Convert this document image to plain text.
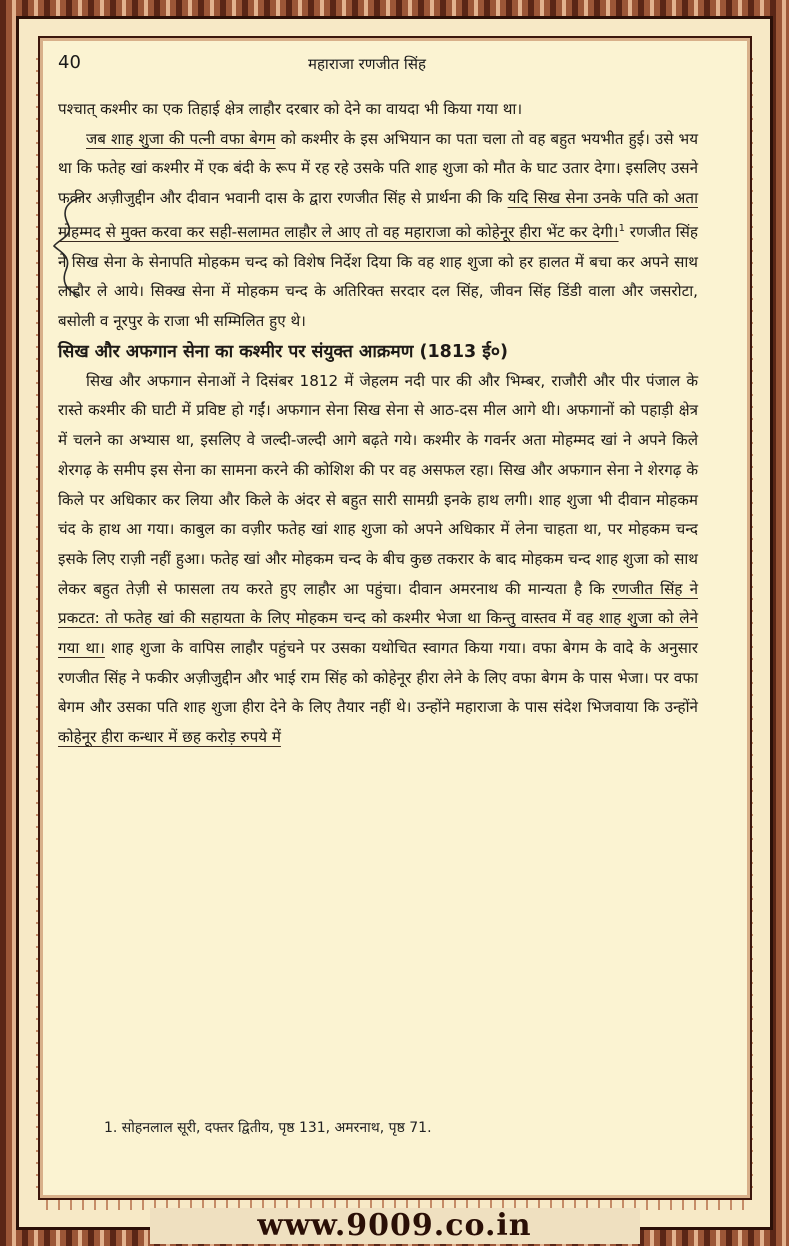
40	महाराजा रणजीत सिंह

पश्चात् कश्मीर का एक तिहाई क्षेत्र लाहौर दरबार को देने का वायदा भी किया गया था।

जब शाह शुजा की पत्नी वफा बेगम को कश्मीर के इस अभियान का पता चला तो वह बहुत भयभीत हुई। उसे भय था कि फतेह खां कश्मीर में एक बंदी के रूप में रह रहे उसके पति शाह शुजा को मौत के घाट उतार देगा। इसलिए उसने फकीर अज़ीजुद्दीन और दीवान भवानी दास के द्वारा रणजीत सिंह से प्रार्थना की कि यदि सिख सेना उनके पति को अता मोहम्मद से मुक्त करवा कर सही-सलामत लाहौर ले आए तो वह महाराजा को कोहेनूर हीरा भेंट कर देगी।$^1$ रणजीत सिंह ने सिख सेना के सेनापति मोहकम चन्द को विशेष निर्देश दिया कि वह शाह शुजा को हर हालत में बचा कर अपने साथ लाहौर ले आये। सिक्ख सेना में मोहकम चन्द के अतिरिक्त सरदार दल सिंह, जीवन सिंह डिंडी वाला और जसरोटा, बसोली व नूरपुर के राजा भी सम्मिलित हुए थे।

सिख और अफगान सेना का कश्मीर पर संयुक्त आक्रमण (1813 ई०)

सिख और अफगान सेनाओं ने दिसंबर 1812 में जेहलम नदी पार की और भिम्बर, राजौरी और पीर पंजाल के रास्ते कश्मीर की घाटी में प्रविष्ट हो गईं। अफगान सेना सिख सेना से आठ-दस मील आगे थी। अफगानों को पहाड़ी क्षेत्र में चलने का अभ्यास था, इसलिए वे जल्दी-जल्दी आगे बढ़ते गये। कश्मीर के गवर्नर अता मोहम्मद खां ने अपने किले शेरगढ़ के समीप इस सेना का सामना करने की कोशिश की पर वह असफल रहा। सिख और अफगान सेना ने शेरगढ़ के किले पर अधिकार कर लिया और किले के अंदर से बहुत सारी सामग्री इनके हाथ लगी। शाह शुजा भी दीवान मोहकम चंद के हाथ आ गया। काबुल का वज़ीर फतेह खां शाह शुजा को अपने अधिकार में लेना चाहता था, पर मोहकम चन्द इसके लिए राज़ी नहीं हुआ। फतेह खां और मोहकम चन्द के बीच कुछ तकरार के बाद मोहकम चन्द शाह शुजा को साथ लेकर बहुत तेज़ी से फासला तय करते हुए लाहौर आ पहुंचा। दीवान अमरनाथ की मान्यता है कि रणजीत सिंह ने प्रकटत: तो फतेह खां की सहायता के लिए मोहकम चन्द को कश्मीर भेजा था किन्तु वास्तव में वह शाह शुजा को लेने गया था। शाह शुजा के वापिस लाहौर पहुंचने पर उसका यथोचित स्वागत किया गया। वफा बेगम के वादे के अनुसार रणजीत सिंह ने फकीर अज़ीजुद्दीन और भाई राम सिंह को कोहेनूर हीरा लेने के लिए वफा बेगम के पास भेजा। पर वफा बेगम और उसका पति शाह शुजा हीरा देने के लिए तैयार नहीं थे। उन्होंने महाराजा के पास संदेश भिजवाया कि उन्होंने कोहेनूर हीरा कन्धार में छह करोड़ रुपये में

1. सोहनलाल सूरी, दफ्तर द्वितीय, पृष्ठ 131, अमरनाथ, पृष्ठ 71.
www.9009.co.in
